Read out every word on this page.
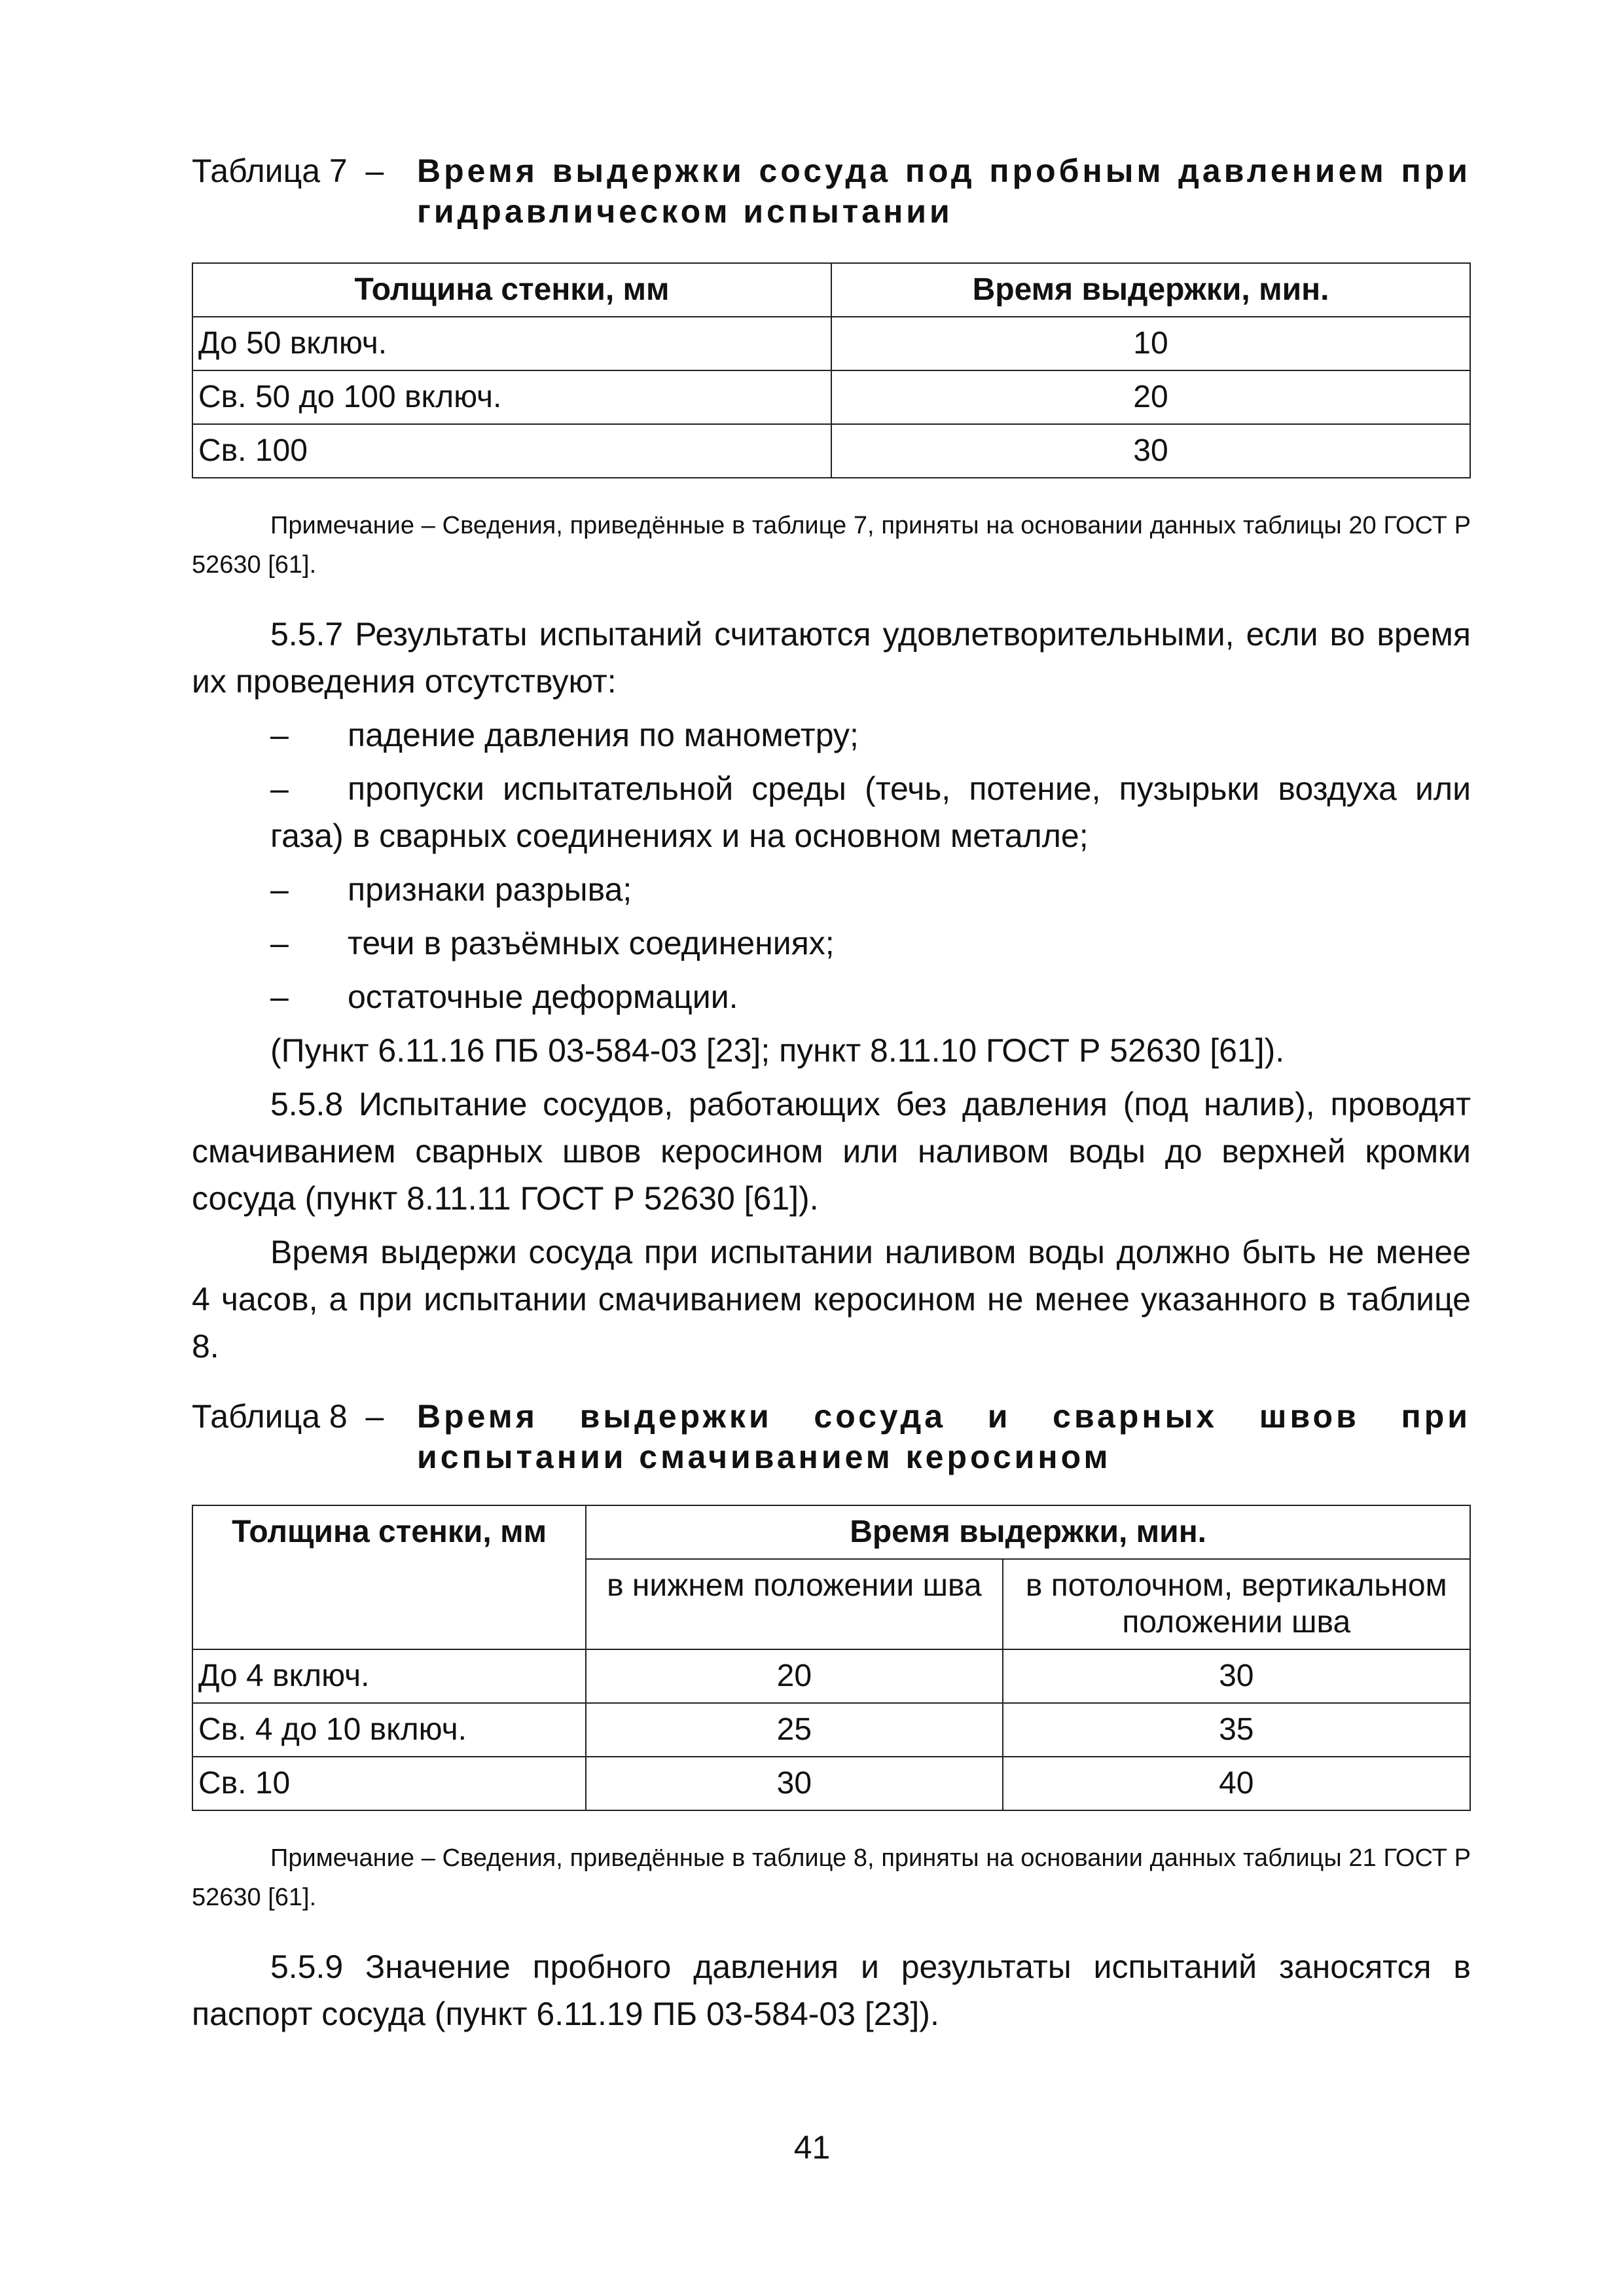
Таблица 7  –	Время выдержки сосуда под пробным давлением при гидравлическом испытании
Толщина стенки, мм	Время выдержки, мин.
До 50 включ.	10
Св. 50 до 100 включ.	20
Св. 100	30

Примечание – Сведения, приведённые в таблице 7, приняты на основании данных таблицы 20 ГОСТ Р 52630 [61].

5.5.7 Результаты испытаний считаются удовлетворительными, если во время их проведения отсутствуют:

– падение давления по манометру;

– пропуски испытательной среды (течь, потение, пузырьки воздуха или газа) в сварных соединениях и на основном металле;

– признаки разрыва;

– течи в разъёмных соединениях;

– остаточные деформации.

(Пункт 6.11.16 ПБ 03-584-03 [23]; пункт 8.11.10 ГОСТ Р 52630 [61]).

5.5.8 Испытание сосудов, работающих без давления (под налив), проводят смачиванием сварных швов керосином или наливом воды до верхней кромки сосуда (пункт 8.11.11 ГОСТ Р 52630 [61]).

Время выдержи сосуда при испытании наливом воды должно быть не менее 4 часов, а при испытании смачиванием керосином не менее указанного в таблице 8.

Таблица 8  –	Время выдержки сосуда и сварных швов при испытании смачиванием керосином
Толщина стенки, мм	Время выдержки, мин.	
	в нижнем положении шва	в потолочном, вертикальном положении шва
До 4 включ.	20	30
Св. 4 до 10 включ.	25	35
Св. 10	30	40

Примечание – Сведения, приведённые в таблице 8, приняты на основании данных таблицы 21 ГОСТ Р 52630 [61].

5.5.9 Значение пробного давления и результаты испытаний заносятся в паспорт сосуда (пункт 6.11.19 ПБ 03-584-03 [23]).

41
